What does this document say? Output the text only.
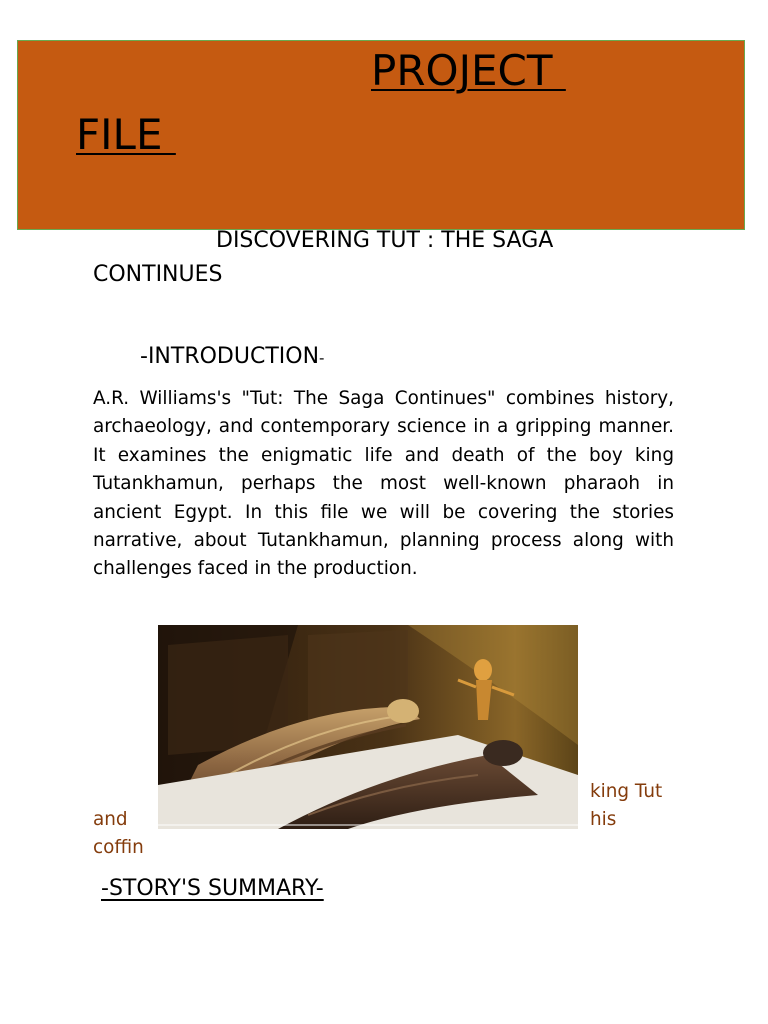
PROJECT
FILE
DISCOVERING TUT : THE SAGA CONTINUES
-INTRODUCTION-

A.R. Williams's "Tut: The Saga Continues" combines history, archaeology, and contemporary science in a gripping manner. It examines the enigmatic life and death of the boy king Tutankhamun, perhaps the most well-known pharaoh in ancient Egypt. In this file we will be covering the stories narrative, about Tutankhamun, planning process along with challenges faced in the production.

king Tut
and	his
coffin
-STORY'S SUMMARY-
